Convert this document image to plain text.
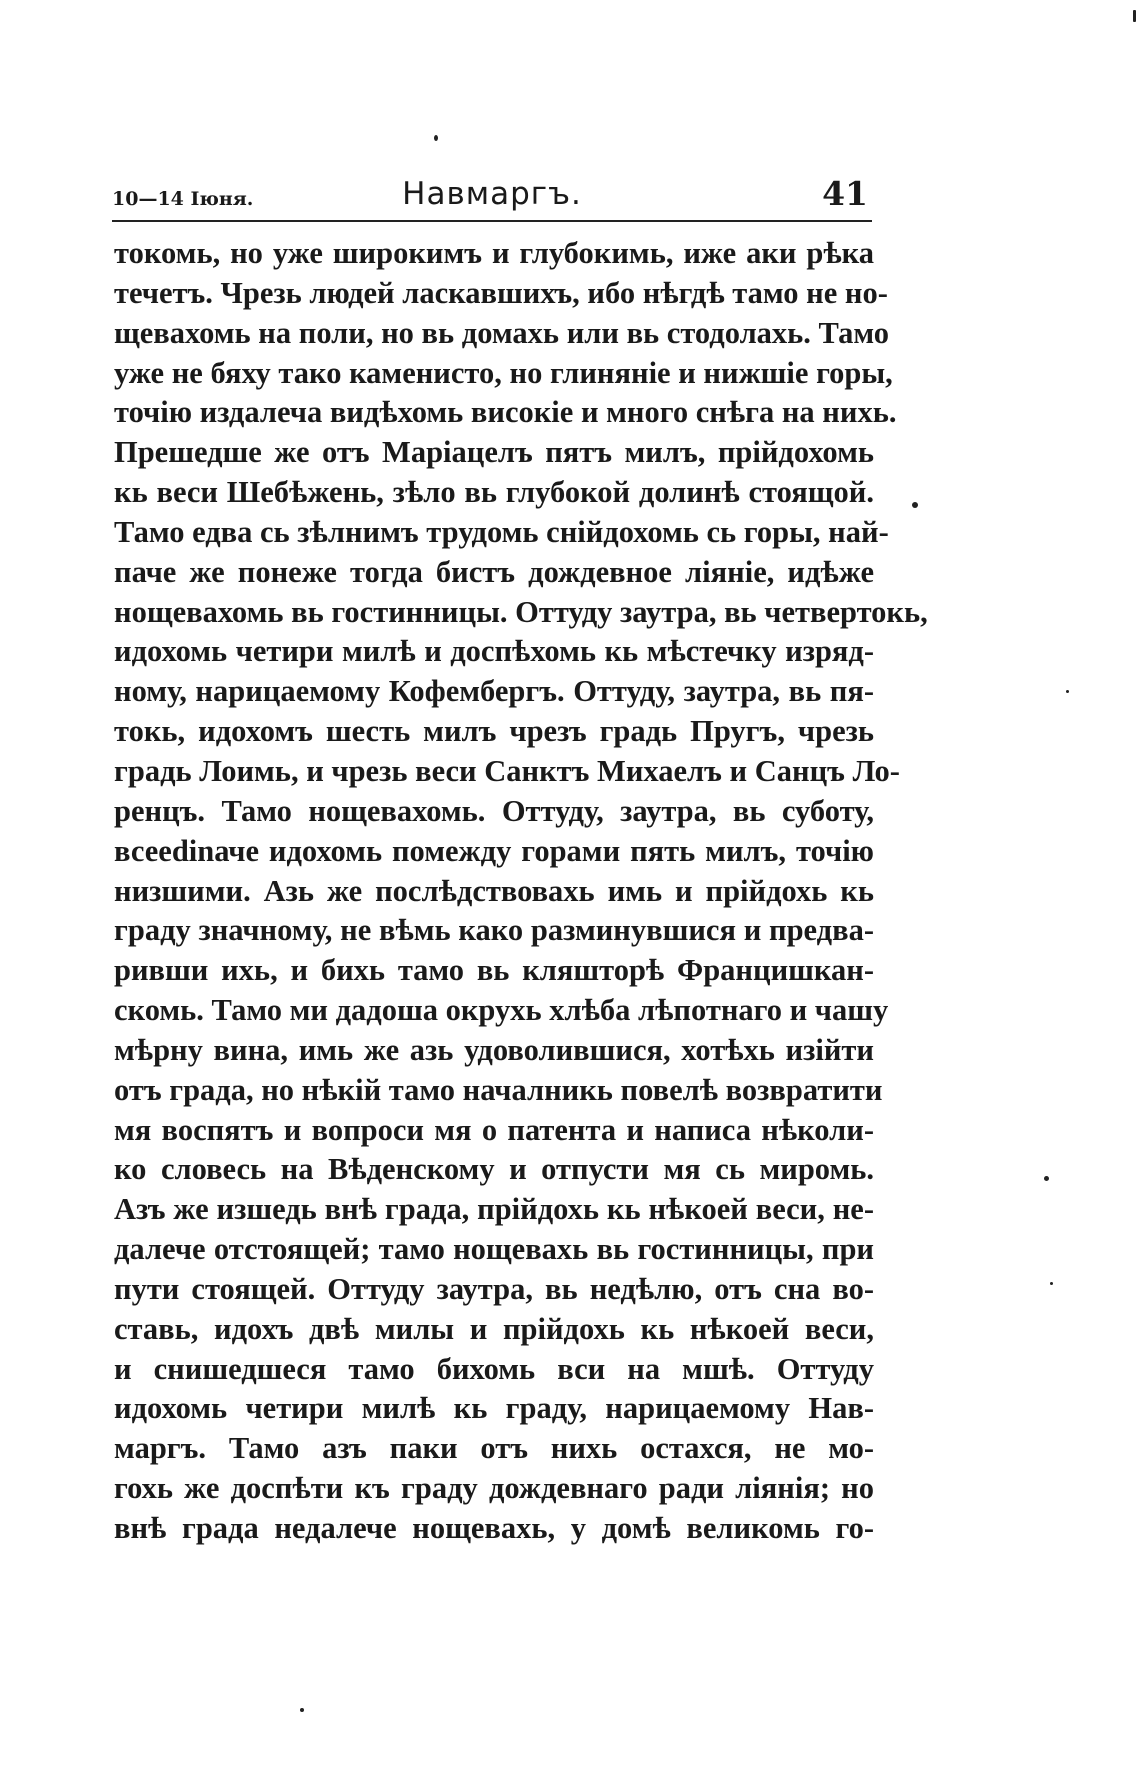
10—14 Іюня.	Навмаргъ.	41
токомь, но уже широкимъ и глубокимь, иже аки рѣка
течетъ. Чрезь людей ласкавшихъ, ибо нѣгдѣ тамо не но-
щевахомь на поли, но вь домахь или вь стодолахь. Тамо
уже не бяху тако каменисто, но глиняніе и нижшіе горы,
точію издалеча видѣхомь високіе и много снѣга на нихь.
Прешедше же отъ Маріацелъ пятъ милъ, прійдохомь
кь веси Шебѣжень, зѣло вь глубокой долинѣ стоящой.
Тамо едва сь зѣлнимъ трудомь снійдохомь сь горы, най-
паче же понеже тогда бистъ дождевное ліяніе, идѣже
нощевахомь вь гостинницы. Оттуду заутра, вь четвертокь,
идохомь четири милѣ и доспѣхомь кь мѣстечку изряд-
ному, нарицаемому Кофембергъ. Оттуду, заутра, вь пя-
токь, идохомъ шесть милъ чрезъ градь Пругъ, чрезь
градь Лоимь, и чрезь веси Санктъ Михаелъ и Санцъ Ло-
ренцъ. Тамо нощевахомь. Оттуду, заутра, вь суботу,
всееdinаче идохомь помежду горами пять милъ, точію
низшими. Азь же послѣдствовахь имь и прійдохь кь
граду значному, не вѣмь како разминувшися и предва-
ривши ихь, и бихь тамо вь кляшторѣ Францишкан-
скомь. Тамо ми дадоша окрухь хлѣба лѣпотнаго и чашу
мѣрну вина, имь же азь удоволившися, хотѣхь изійти
отъ града, но нѣкій тамо началникь повелѣ возвратити
мя воспятъ и вопроси мя о патента и написа нѣколи-
ко словесь на Вѣденскому и отпусти мя сь миромь.
Азъ же изшедь внѣ града, прійдохь кь нѣкоей веси, не-
далече отстоящей; тамо нощевахь вь гостинницы, при
пути стоящей. Оттуду заутра, вь недѣлю, отъ сна во-
ставь, идохъ двѣ милы и прійдохь кь нѣкоей веси,
и снишедшеся тамо бихомь вси на мшѣ. Оттуду
идохомь четири милѣ кь граду, нарицаемому Нав-
маргъ. Тамо азъ паки отъ нихь остахся, не мо-
гохь же доспѣти къ граду дождевнаго ради ліянія; но
внѣ града недалече нощевахь, у домѣ великомь го-
